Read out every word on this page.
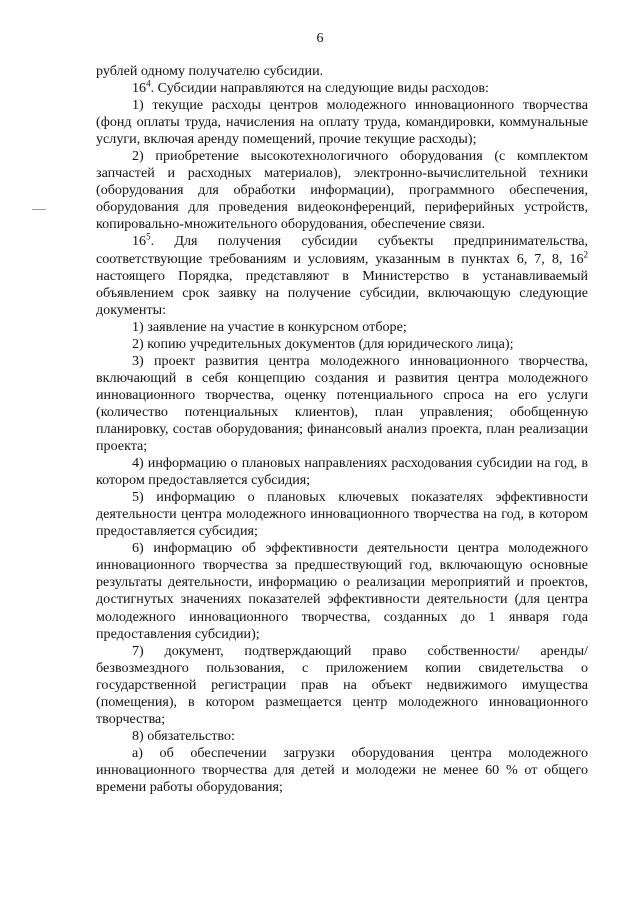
6

рублей одному получателю субсидии.

$16^4$. Субсидии направляются на следующие виды расходов:

1) текущие расходы центров молодежного инновационного творчества (фонд оплаты труда, начисления на оплату труда, командировки, коммунальные услуги, включая аренду помещений, прочие текущие расходы);

2) приобретение высокотехнологичного оборудования (с комплектом запчастей и расходных материалов), электронно-вычислительной техники (оборудования для обработки информации), программного обеспечения, оборудования для проведения видеоконференций, периферийных устройств, копировально-множительного оборудования, обеспечение связи.

$16^5$. Для получения субсидии субъекты предпринимательства, соответствующие требованиям и условиям, указанным в пунктах 6, 7, 8, $16^2$ настоящего Порядка, представляют в Министерство в устанавливаемый объявлением срок заявку на получение субсидии, включающую следующие документы:

1) заявление на участие в конкурсном отборе;

2) копию учредительных документов (для юридического лица);

3) проект развития центра молодежного инновационного творчества, включающий в себя концепцию создания и развития центра молодежного инновационного творчества, оценку потенциального спроса на его услуги (количество потенциальных клиентов), план управления; обобщенную планировку, состав оборудования; финансовый анализ проекта, план реализации проекта;

4) информацию о плановых направлениях расходования субсидии на год, в котором предоставляется субсидия;

5) информацию о плановых ключевых показателях эффективности деятельности центра молодежного инновационного творчества на год, в котором предоставляется субсидия;

6) информацию об эффективности деятельности центра молодежного инновационного творчества за предшествующий год, включающую основные результаты деятельности, информацию о реализации мероприятий и проектов, достигнутых значениях показателей эффективности деятельности (для центра молодежного инновационного творчества, созданных до 1 января года предоставления субсидии);

7) документ, подтверждающий право собственности/ аренды/безвозмездного пользования, с приложением копии свидетельства о государственной регистрации прав на объект недвижимого имущества (помещения), в котором размещается центр молодежного инновационного творчества;

8) обязательство:

а) об обеспечении загрузки оборудования центра молодежного инновационного творчества для детей и молодежи не менее 60 % от общего времени работы оборудования;
